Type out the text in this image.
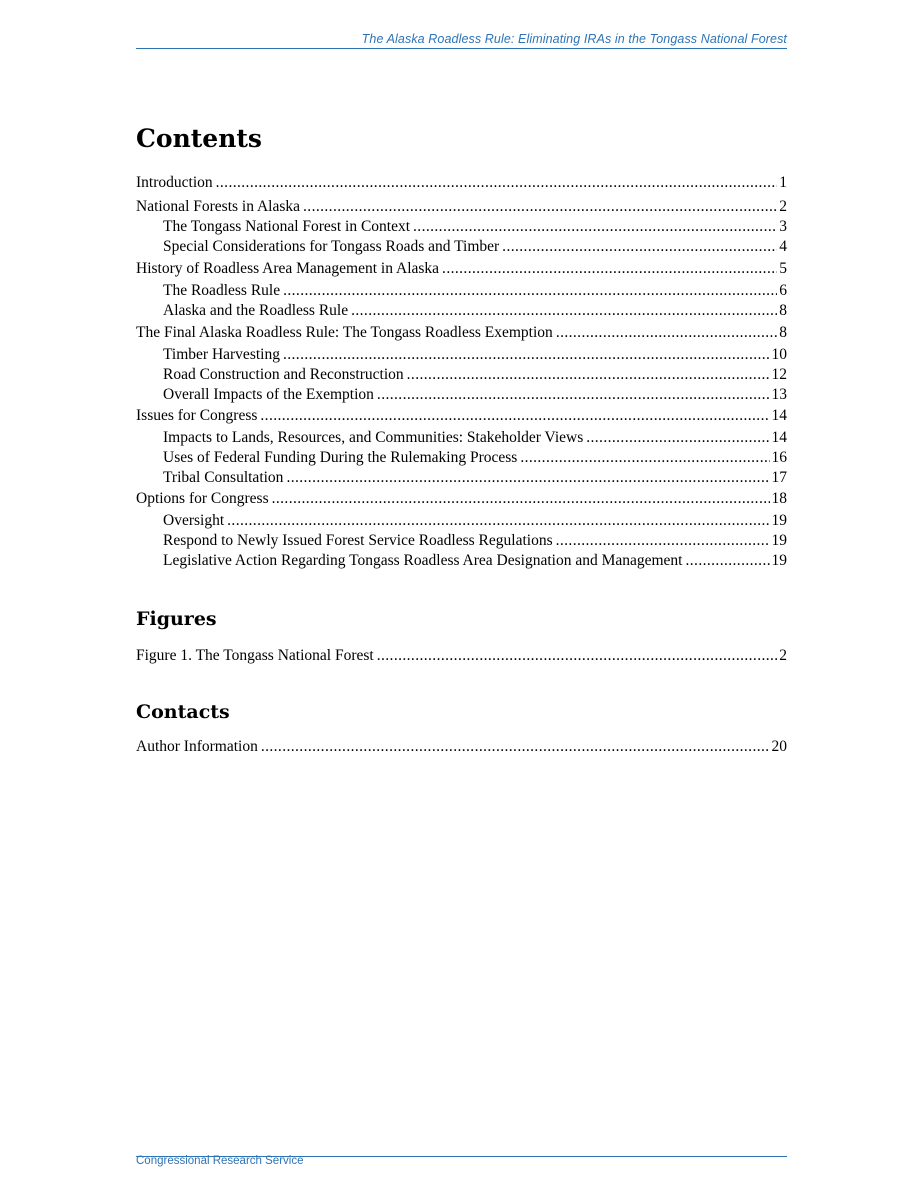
The Alaska Roadless Rule: Eliminating IRAs in the Tongass National Forest
Contents
Introduction .....	1
National Forests in Alaska .....	2
The Tongass National Forest in Context .....	3
Special Considerations for Tongass Roads and Timber .....	4
History of Roadless Area Management in Alaska .....	5
The Roadless Rule .....	6
Alaska and the Roadless Rule .....	8
The Final Alaska Roadless Rule: The Tongass Roadless Exemption .....	8
Timber Harvesting .....	10
Road Construction and Reconstruction .....	12
Overall Impacts of the Exemption .....	13
Issues for Congress .....	14
Impacts to Lands, Resources, and Communities: Stakeholder Views .....	14
Uses of Federal Funding During the Rulemaking Process .....	16
Tribal Consultation .....	17
Options for Congress .....	18
Oversight .....	19
Respond to Newly Issued Forest Service Roadless Regulations .....	19
Legislative Action Regarding Tongass Roadless Area Designation and Management .....	19
Figures
Figure 1. The Tongass National Forest .....	2
Contacts
Author Information .....	20
Congressional Research Service
